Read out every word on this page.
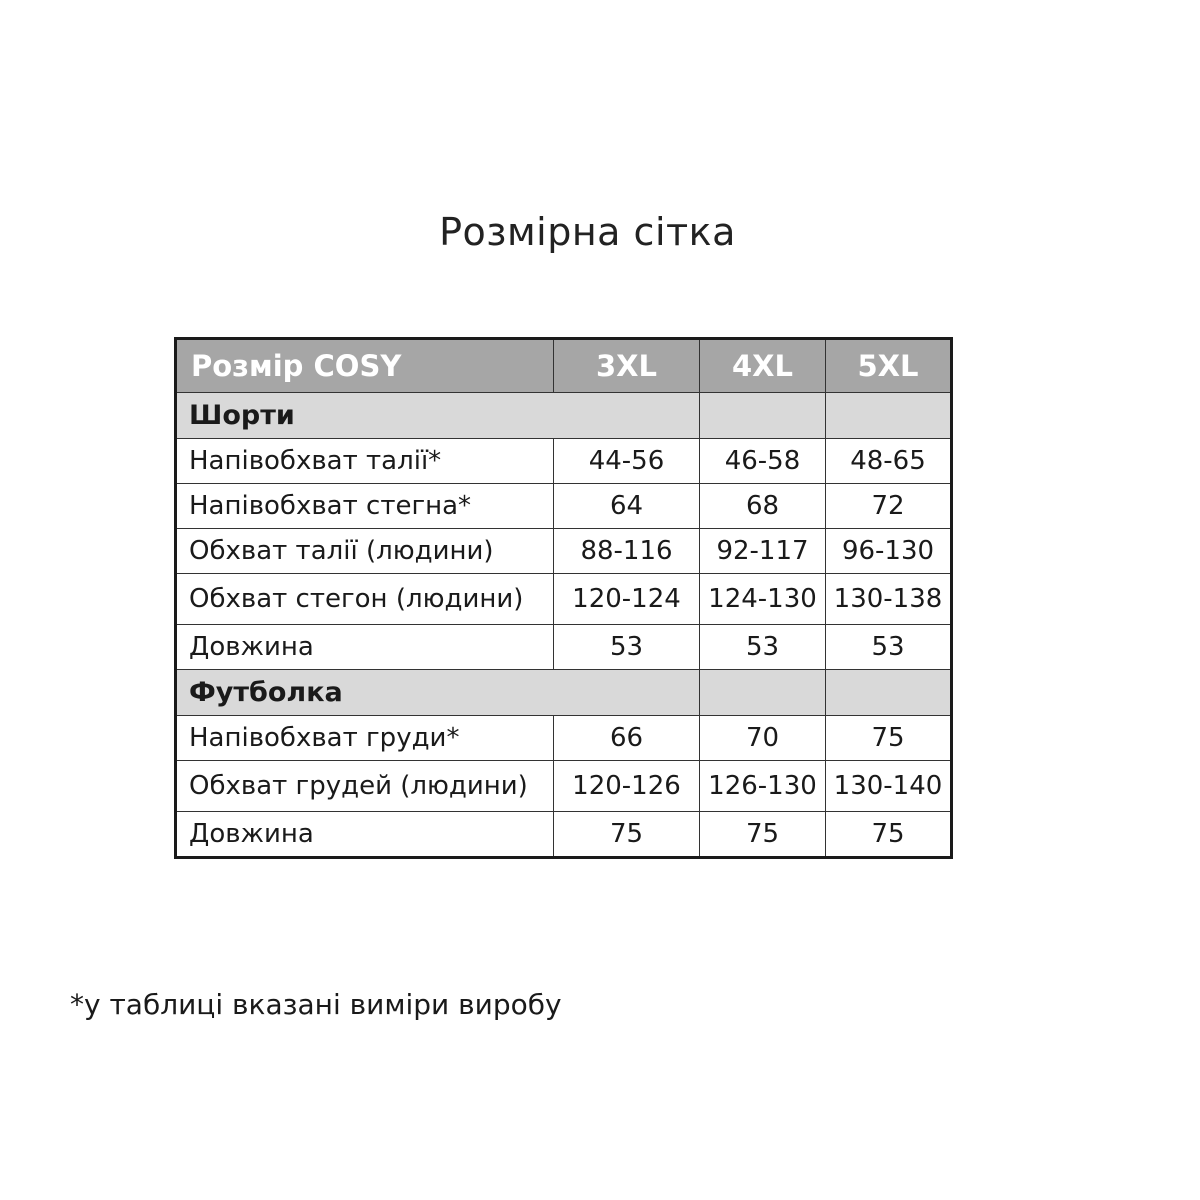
Розмірна сітка
Розмір COSY	3XL	4XL	5XL
Шорти			
Напівобхват талії*	44-56	46-58	48-65
Напівобхват стегна*	64	68	72
Обхват талії (людини)	88-116	92-117	96-130
Обхват стегон (людини)	120-124	124-130	130-138
Довжина	53	53	53
Футболка			
Напівобхват груди*	66	70	75
Обхват грудей (людини)	120-126	126-130	130-140
Довжина	75	75	75

*у таблиці вказані виміри виробу
